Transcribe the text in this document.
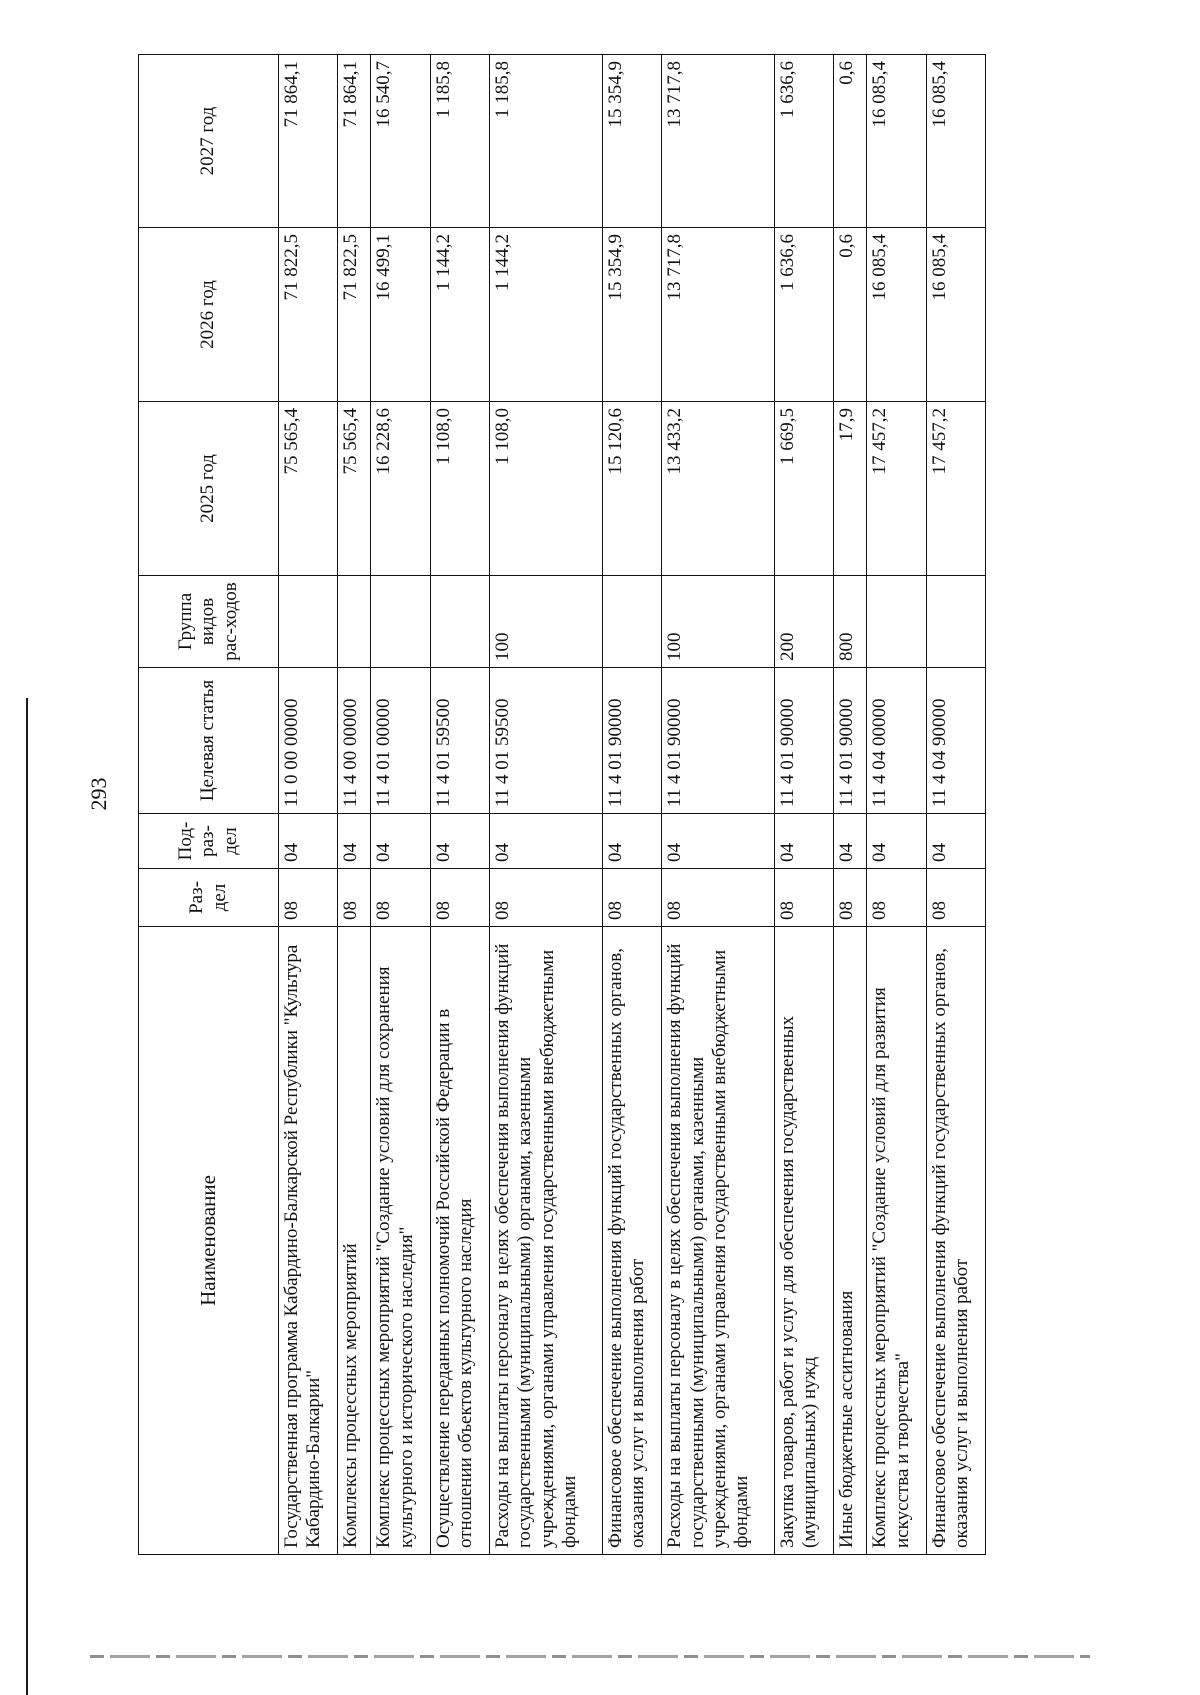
293
Наименование	Раз-дел	Под-раз-дел	Целевая статья	Группа видов рас-ходов	2025 год	2026 год	2027 год
Государственная программа Кабардино-Балкарской Республики "Культура Кабардино-Балкарии"	08	04	11 0 00 00000		75 565,4	71 822,5	71 864,1
Комплексы процессных мероприятий	08	04	11 4 00 00000		75 565,4	71 822,5	71 864,1
Комплекс процессных мероприятий "Создание условий для сохранения культурного и исторического наследия"	08	04	11 4 01 00000		16 228,6	16 499,1	16 540,7
Осуществление переданных полномочий Российской Федерации в отношении объектов культурного наследия	08	04	11 4 01 59500		1 108,0	1 144,2	1 185,8
Расходы на выплаты персоналу в целях обеспечения выполнения функций государственными (муниципальными) органами, казенными учреждениями, органами управления государственными внебюджетными фондами	08	04	11 4 01 59500	100	1 108,0	1 144,2	1 185,8
Финансовое обеспечение выполнения функций государственных органов, оказания услуг и выполнения работ	08	04	11 4 01 90000		15 120,6	15 354,9	15 354,9
Расходы на выплаты персоналу в целях обеспечения выполнения функций государственными (муниципальными) органами, казенными учреждениями, органами управления государственными внебюджетными фондами	08	04	11 4 01 90000	100	13 433,2	13 717,8	13 717,8
Закупка товаров, работ и услуг для обеспечения государственных (муниципальных) нужд	08	04	11 4 01 90000	200	1 669,5	1 636,6	1 636,6
Иные бюджетные ассигнования	08	04	11 4 01 90000	800	17,9	0,6	0,6
Комплекс процессных мероприятий "Создание условий для развития искусства и творчества"	08	04	11 4 04 00000		17 457,2	16 085,4	16 085,4
Финансовое обеспечение выполнения функций государственных органов, оказания услуг и выполнения работ	08	04	11 4 04 90000		17 457,2	16 085,4	16 085,4
